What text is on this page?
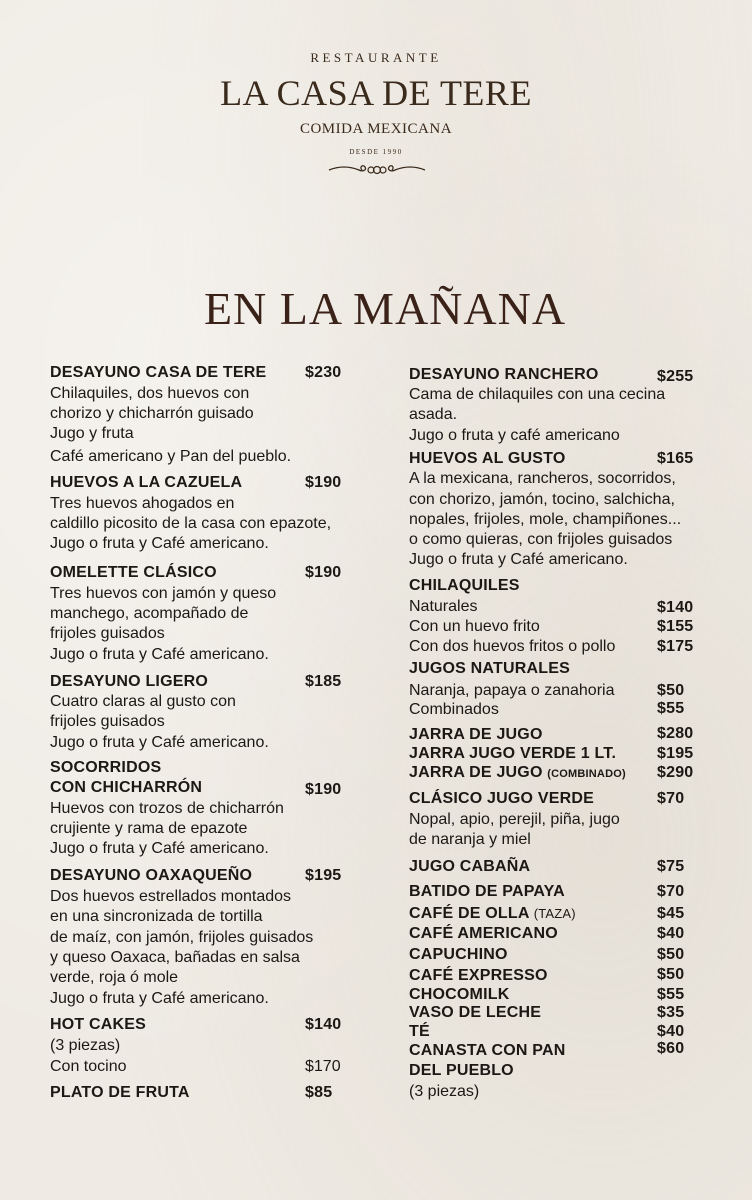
RESTAURANTE
LA CASA DE TERE
COMIDA MEXICANA
DESDE 1990
EN LA MAÑANA
DESAYUNO CASA DE TERE $230
Chilaquiles, dos huevos con
chorizo y chicharrón guisado
Jugo y fruta
Café americano y Pan del pueblo.
HUEVOS A LA CAZUELA	$190
Tres huevos ahogados en
caldillo picosito de la casa con epazote,
Jugo o fruta y Café americano.
OMELETTE CLÁSICO	$190
Tres huevos con jamón y queso
manchego, acompañado de
frijoles guisados
Jugo o fruta y Café americano.
DESAYUNO LIGERO	$185
Cuatro claras al gusto con
frijoles guisados
Jugo o fruta y Café americano.
SOCORRIDOS
CON CHICHARRÓN	$190
Huevos con trozos de chicharrón
crujiente y rama de epazote
Jugo o fruta y Café americano.
DESAYUNO OAXAQUEÑO	$195
Dos huevos estrellados montados
en una sincronizada de tortilla
de maíz, con jamón, frijoles guisados
y queso Oaxaca, bañadas en salsa
verde, roja ó mole
Jugo o fruta y Café americano.
HOT CAKES	$140
(3 piezas)
Con tocino	$170
PLATO DE FRUTA	$85
DESAYUNO RANCHERO	$255
Cama de chilaquiles con una cecina
asada.
Jugo o fruta y café americano
HUEVOS AL GUSTO	$165
A la mexicana, rancheros, socorridos,
con chorizo, jamón, tocino, salchicha,
nopales, frijoles, mole, champiñones...
o como quieras, con frijoles guisados
Jugo o fruta y Café americano.
CHILAQUILES
Naturales	$140
Con un huevo frito	$155
Con dos huevos fritos o pollo	$175
JUGOS NATURALES
Naranja, papaya o zanahoria	$50
Combinados	$55
JARRA DE JUGO	$280
JARRA JUGO VERDE 1 LT.	$195
JARRA DE JUGO (COMBINADO) $290
CLÁSICO JUGO VERDE	$70
Nopal, apio, perejil, piña, jugo
de naranja y miel
JUGO CABAÑA	$75
BATIDO DE PAPAYA	$70
CAFÉ DE OLLA (TAZA)	$45
CAFÉ AMERICANO	$40
CAPUCHINO	$50
CAFÉ EXPRESSO	$50
CHOCOMILK	$55
VASO DE LECHE	$35
TÉ	$40
CANASTA CON PAN	$60
DEL PUEBLO
(3 piezas)
